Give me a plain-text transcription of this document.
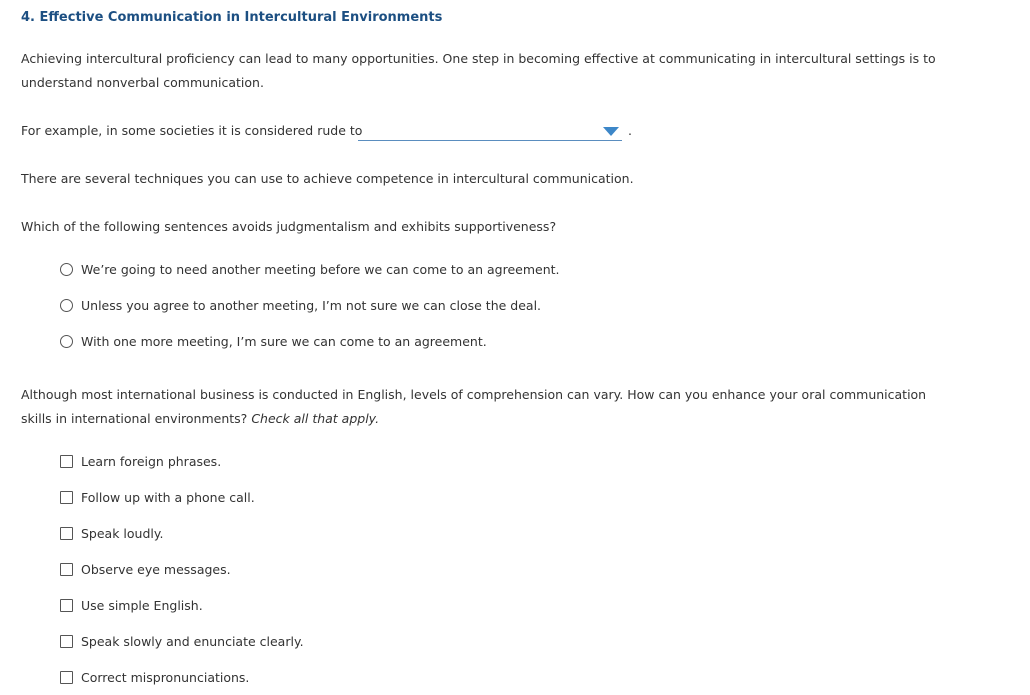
4. Effective Communication in Intercultural Environments
Achieving intercultural proficiency can lead to many opportunities. One step in becoming effective at communicating in intercultural settings is to understand nonverbal communication.
For example, in some societies it is considered rude to	.
There are several techniques you can use to achieve competence in intercultural communication.
Which of the following sentences avoids judgmentalism and exhibits supportiveness?
We’re going to need another meeting before we can come to an agreement.
Unless you agree to another meeting, I’m not sure we can close the deal.
With one more meeting, I’m sure we can come to an agreement.
Although most international business is conducted in English, levels of comprehension can vary. How can you enhance your oral communication skills in international environments? Check all that apply.
Learn foreign phrases.
Follow up with a phone call.
Speak loudly.
Observe eye messages.
Use simple English.
Speak slowly and enunciate clearly.
Correct mispronunciations.
